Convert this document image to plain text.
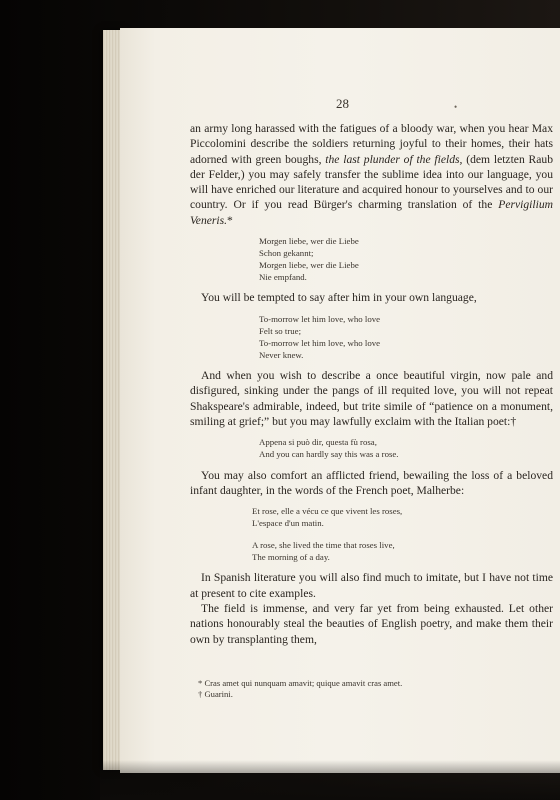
28	•

an army long harassed with the fatigues of a bloody war, when you hear Max Piccolomini describe the soldiers returning joyful to their homes, their hats adorned with green boughs, the last plunder of the fields, (dem letzten Raub der Felder,) you may safely transfer the sublime idea into our language, you will have enriched our literature and acquired honour to yourselves and to our country. Or if you read Bürger's charming translation of the Pervigilium Veneris.*

Morgen liebe, wer die Liebe
Schon gekannt;
Morgen liebe, wer die Liebe
Nie empfand.

You will be tempted to say after him in your own language,

To-morrow let him love, who love
Felt so true;
To-morrow let him love, who love
Never knew.

And when you wish to describe a once beautiful virgin, now pale and disfigured, sinking under the pangs of ill requited love, you will not repeat Shakspeare's admirable, indeed, but trite simile of “patience on a monument, smiling at grief;” but you may lawfully exclaim with the Italian poet:†

Appena si può dir, questa fù rosa,
And you can hardly say this was a rose.

You may also comfort an afflicted friend, bewailing the loss of a beloved infant daughter, in the words of the French poet, Malherbe:

Et rose, elle a vécu ce que vivent les roses,
L'espace d'un matin.
A rose, she lived the time that roses live,
The morning of a day.

In Spanish literature you will also find much to imitate, but I have not time at present to cite examples.

The field is immense, and very far yet from being exhausted. Let other nations honourably steal the beauties of English poetry, and make them their own by transplanting them,

* Cras amet qui nunquam amavit; quique amavit cras amet.
† Guarini.
